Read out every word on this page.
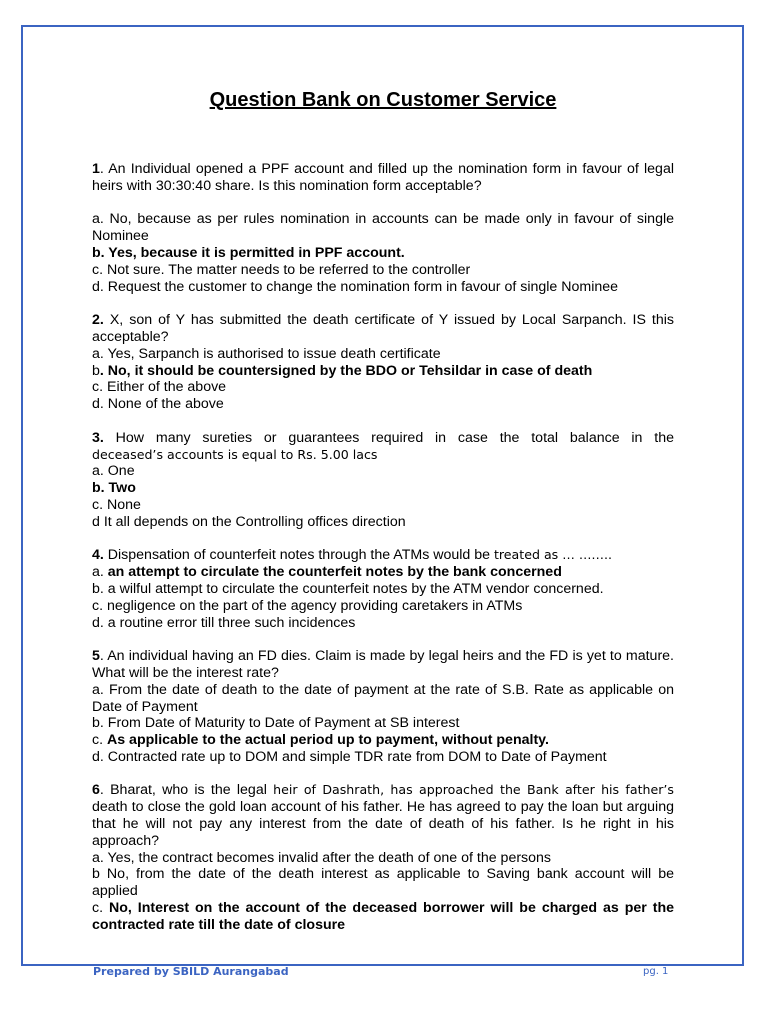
Question Bank on Customer Service

1. An Individual opened a PPF account and filled up the nomination form in favour of legal heirs with 30:30:40 share. Is this nomination form acceptable?

a. No, because as per rules nomination in accounts can be made only in favour of single Nominee

b. Yes, because it is permitted in PPF account.

c. Not sure. The matter needs to be referred to the controller

d. Request the customer to change the nomination form in favour of single Nominee

2. X, son of Y has submitted the death certificate of Y issued by Local Sarpanch. IS this acceptable?

a. Yes, Sarpanch is authorised to issue death certificate

b. No, it should be countersigned by the BDO or Tehsildar in case of death

c. Either of the above

d. None of the above

3. How many sureties or guarantees required in case the total balance in the

deceased’s accounts is equal to Rs. 5.00 lacs

a. One

b. Two

c. None

d It all depends on the Controlling offices direction

4. Dispensation of counterfeit notes through the ATMs would be treated as … ……..

a. an attempt to circulate the counterfeit notes by the bank concerned

b. a wilful attempt to circulate the counterfeit notes by the ATM vendor concerned.

c. negligence on the part of the agency providing caretakers in ATMs

d. a routine error till three such incidences

5. An individual having an FD dies. Claim is made by legal heirs and the FD is yet to mature. What will be the interest rate?

a. From the date of death to the date of payment at the rate of S.B. Rate as applicable on Date of Payment

b. From Date of Maturity to Date of Payment at SB interest

c. As applicable to the actual period up to payment, without penalty.

d. Contracted rate up to DOM and simple TDR rate from DOM to Date of Payment

6. Bharat, who is the legal heir of Dashrath, has approached the Bank after his father’s death to close the gold loan account of his father. He has agreed to pay the loan but arguing that he will not pay any interest from the date of death of his father. Is he right in his approach?

a. Yes, the contract becomes invalid after the death of one of the persons

b No, from the date of the death interest as applicable to Saving bank account will be applied

c. No, Interest on the account of the deceased borrower will be charged as per the contracted rate till the date of closure

Prepared by SBILD Aurangabad	pg. 1
